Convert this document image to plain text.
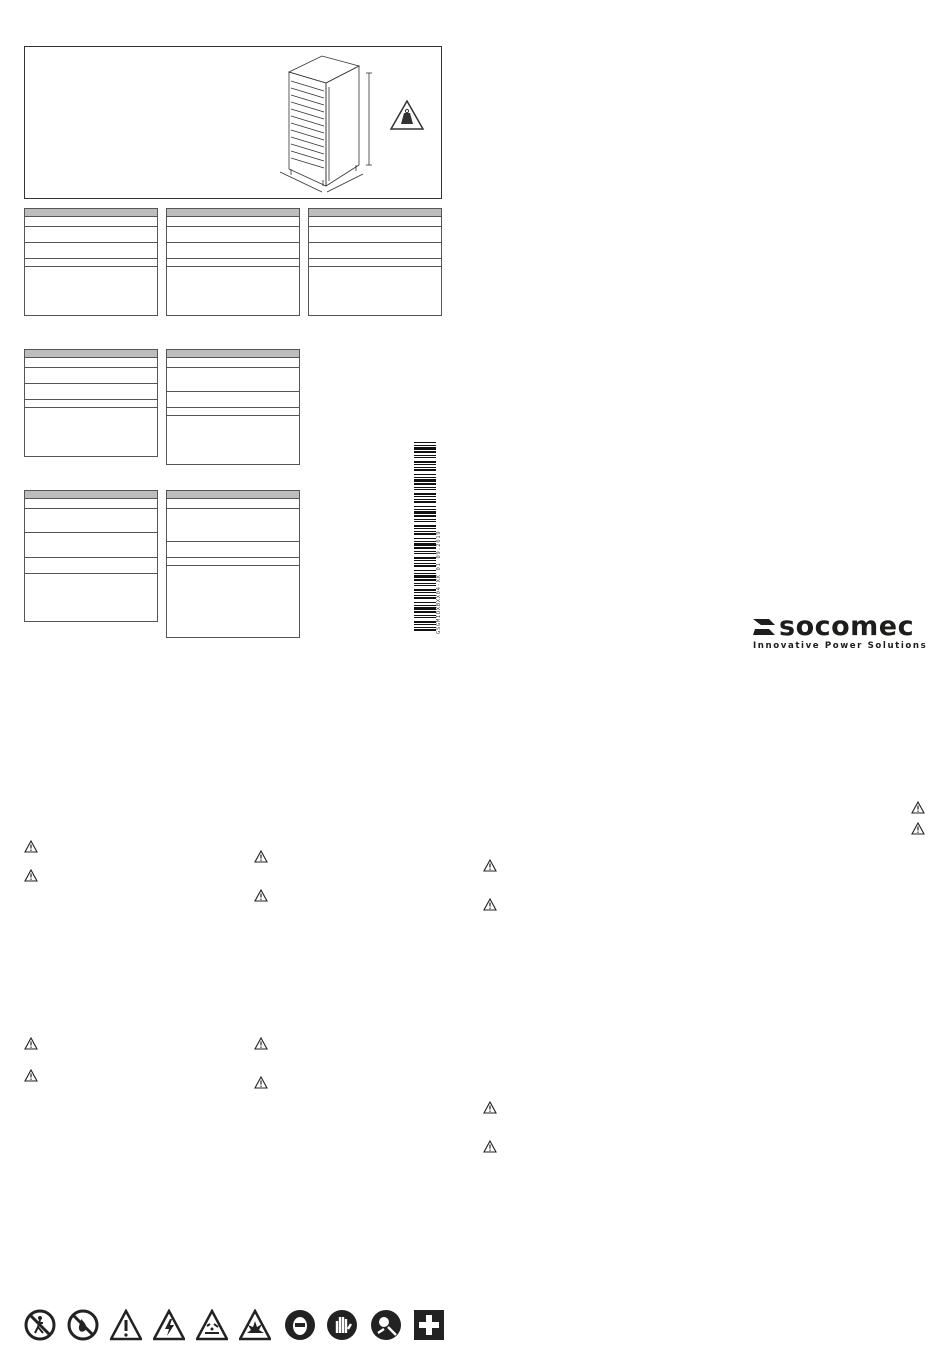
GSGMIDXBXX04-XX 01 09.2019	socomec
Innovative Power Solutions
